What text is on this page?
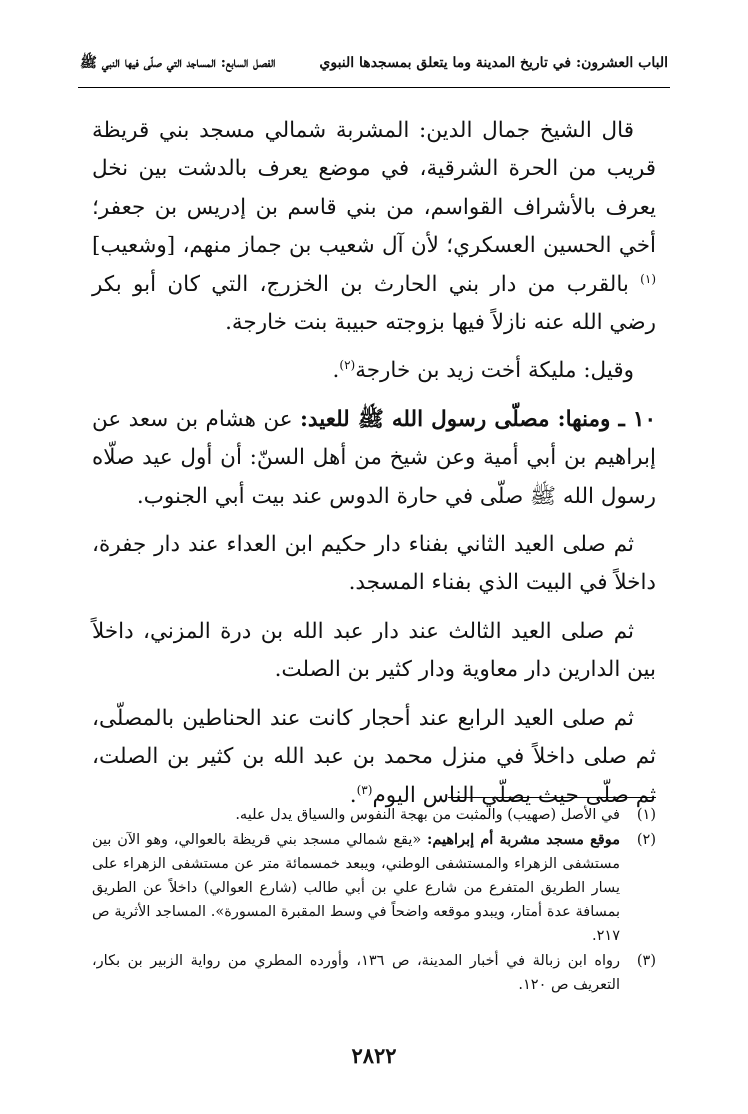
الباب العشرون: في تاريخ المدينة وما يتعلق بمسجدها النبوي
الفصل السابع: المساجد التي صلّى فيها النبي ﷺ

قال الشيخ جمال الدين: المشربة شمالي مسجد بني قريظة قريب من الحرة الشرقية، في موضع يعرف بالدشت بين نخل يعرف بالأشراف القواسم، من بني قاسم بن إدريس بن جعفر؛ أخي الحسين العسكري؛ لأن آل شعيب بن جماز منهم، [وشعيب]$^{(١)}$ بالقرب من دار بني الحارث بن الخزرج، التي كان أبو بكر رضي الله عنه نازلاً فيها بزوجته حبيبة بنت خارجة.

وقيل: مليكة أخت زيد بن خارجة$^{(٢)}$.

١٠ ـ ومنها: مصلّى رسول الله ﷺ للعيد: عن هشام بن سعد عن إبراهيم بن أبي أمية وعن شيخ من أهل السنّ: أن أول عيد صلّاه رسول الله ﷺ صلّى في حارة الدوس عند بيت أبي الجنوب.

ثم صلى العيد الثاني بفناء دار حكيم ابن العداء عند دار جفرة، داخلاً في البيت الذي بفناء المسجد.

ثم صلى العيد الثالث عند دار عبد الله بن درة المزني، داخلاً بين الدارين دار معاوية ودار كثير بن الصلت.

ثم صلى العيد الرابع عند أحجار كانت عند الحناطين بالمصلّى، ثم صلى داخلاً في منزل محمد بن عبد الله بن كثير بن الصلت، ثم صلّى حيث يصلّي الناس اليوم$^{(٣)}$.

(١)
في الأصل (صهيب) والمثبت من بهجة النفوس والسياق يدل عليه.
(٢)
موقع مسجد مشربة أم إبراهيم: «يقع شمالي مسجد بني قريظة بالعوالي، وهو الآن بين مستشفى الزهراء والمستشفى الوطني، ويبعد خمسمائة متر عن مستشفى الزهراء على يسار الطريق المتفرع من شارع علي بن أبي طالب (شارع العوالي) داخلاً عن الطريق بمسافة عدة أمتار، ويبدو موقعه واضحاً في وسط المقبرة المسورة». المساجد الأثرية ص ٢١٧.
(٣)
رواه ابن زبالة في أخبار المدينة، ص ١٣٦، وأورده المطري من رواية الزبير بن بكار، التعريف ص ١٢٠.
٢٨٢٢
